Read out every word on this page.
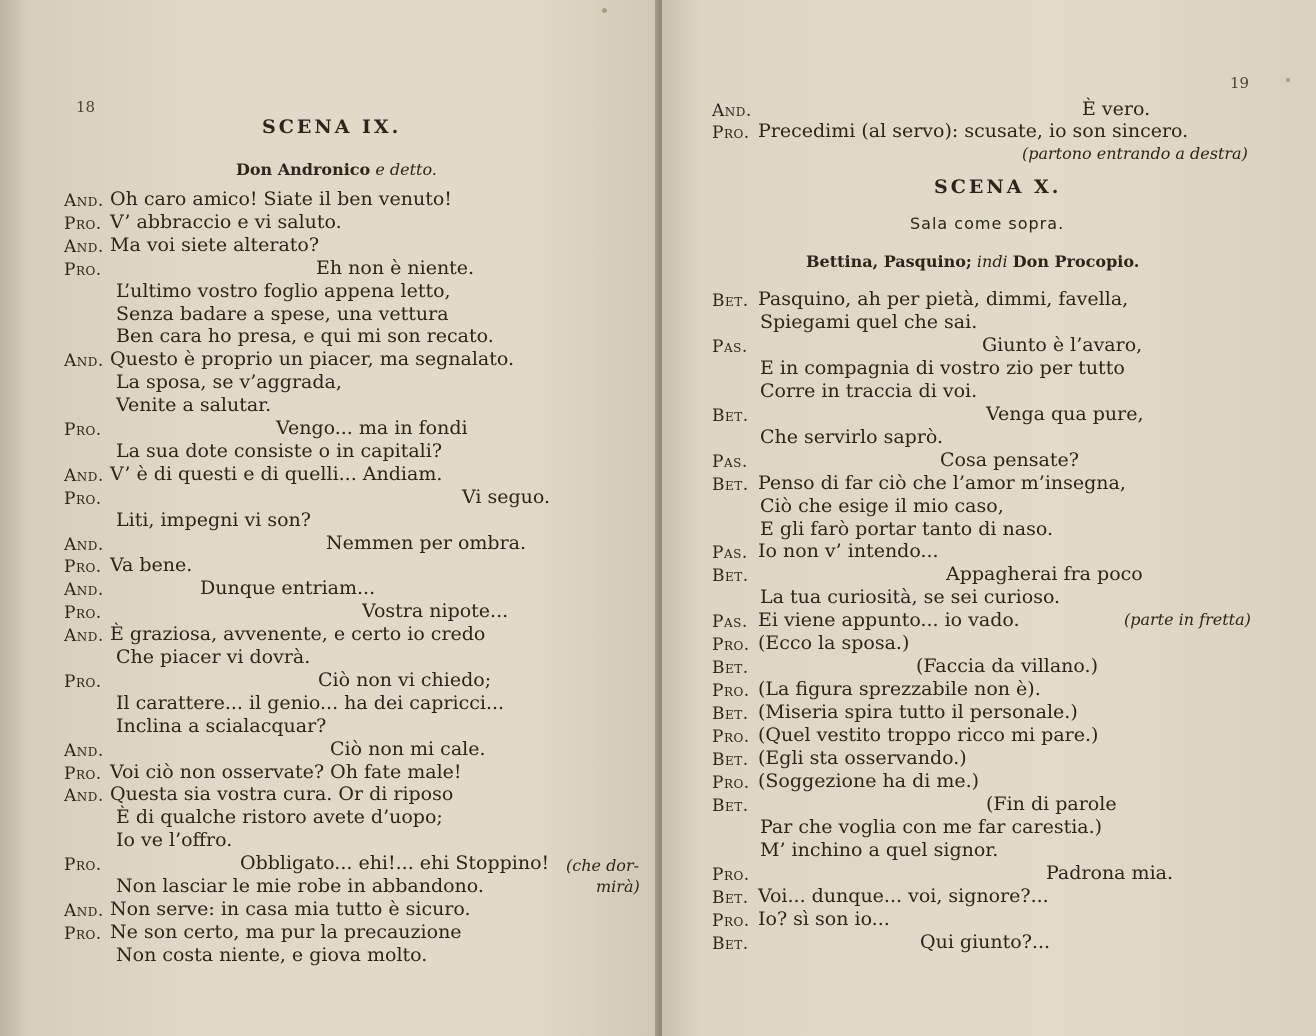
18
SCENA IX.
Don Andronico e detto.
And. Oh caro amico! Siate il ben venuto!
Pro. V’ abbraccio e vi saluto.
And. Ma voi siete alterato?
Pro.	Eh non è niente.
L’ultimo vostro foglio appena letto,
Senza badare a spese, una vettura
Ben cara ho presa, e qui mi son recato.
And. Questo è proprio un piacer, ma segnalato.
La sposa, se v’aggrada,
Venite a salutar.
Pro.	Vengo... ma in fondi
La sua dote consiste o in capitali?
And. V’ è di questi e di quelli... Andiam.
Pro.	Vi seguo.
Liti, impegni vi son?
And.	Nemmen per ombra.
Pro. Va bene.
And.	Dunque entriam...
Pro.	Vostra nipote...
And. È graziosa, avvenente, e certo io credo
Che piacer vi dovrà.
Pro.	Ciò non vi chiedo;
Il carattere... il genio... ha dei capricci...
Inclina a scialacquar?
And.	Ciò non mi cale.
Pro. Voi ciò non osservate? Oh fate male!
And. Questa sia vostra cura. Or di riposo
È di qualche ristoro avete d’uopo;
Io ve l’offro.
Pro.	Obbligato... ehi!... ehi Stoppino!
Non lasciar le mie robe in abbandono.
And. Non serve: in casa mia tutto è sicuro.
Pro. Ne son certo, ma pur la precauzione
Non costa niente, e giova molto.
(che dor-
mirà)
19
And.	È vero.
Pro. Precedimi (al servo): scusate, io son sincero.
(partono entrando a destra)
SCENA X.
Sala come sopra.
Bettina, Pasquino; indi Don Procopio.
Bet. Pasquino, ah per pietà, dimmi, favella,
Spiegami quel che sai.
Pas.	Giunto è l’avaro,
E in compagnia di vostro zio per tutto
Corre in traccia di voi.
Bet.	Venga qua pure,
Che servirlo saprò.
Pas.	Cosa pensate?
Bet. Penso di far ciò che l’amor m’insegna,
Ciò che esige il mio caso,
E gli farò portar tanto di naso.
Pas. Io non v’ intendo...
Bet.	Appagherai fra poco
La tua curiosità, se sei curioso.
Pas. Ei viene appunto... io vado.
Pro. (Ecco la sposa.)
Bet.	(Faccia da villano.)
Pro. (La figura sprezzabile non è).
Bet. (Miseria spira tutto il personale.)
Pro. (Quel vestito troppo ricco mi pare.)
Bet. (Egli sta osservando.)
Pro. (Soggezione ha di me.)
Bet.	(Fin di parole
Par che voglia con me far carestia.)
M’ inchino a quel signor.
Pro.	Padrona mia.
Bet. Voi... dunque... voi, signore?...
Pro. Io? sì son io...
Bet.	Qui giunto?...
(parte in fretta)
